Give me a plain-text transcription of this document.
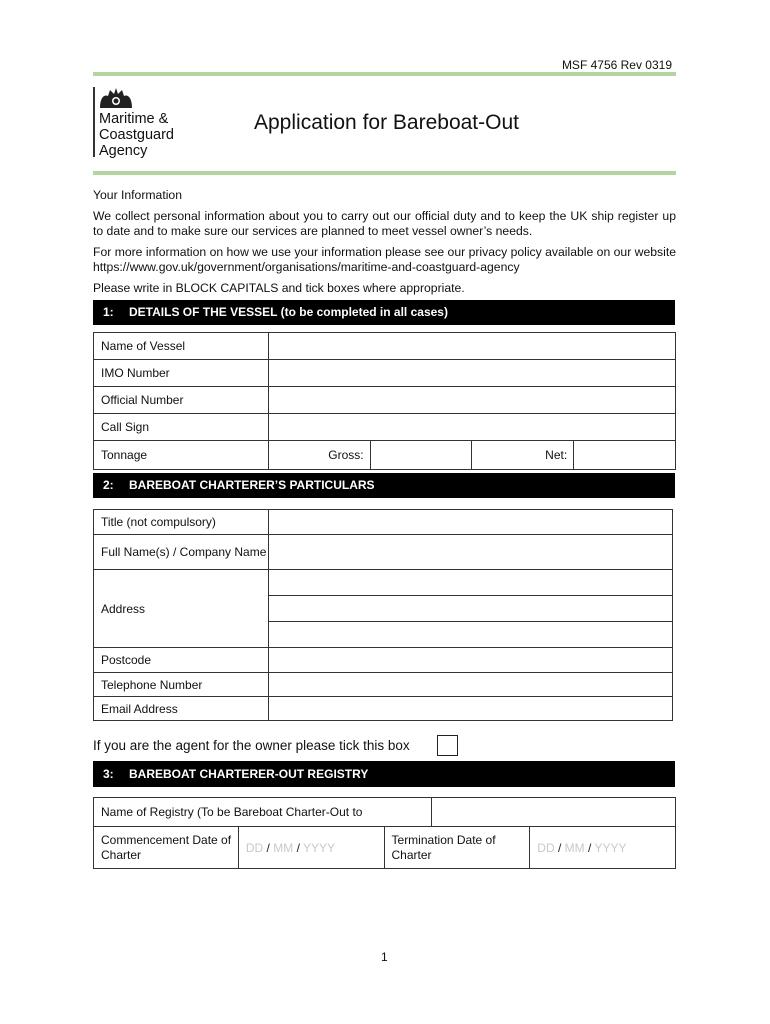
MSF 4756 Rev 0319
Maritime &
Coastguard
Agency
Application for Bareboat-Out
Your Information
We collect personal information about you to carry out our official duty and to keep the UK ship register up to date and to make sure our services are planned to meet vessel owner’s needs.
For more information on how we use your information please see our privacy policy available on our website https://www.gov.uk/government/organisations/maritime-and-coastguard-agency
Please write in BLOCK CAPITALS and tick boxes where appropriate.
1: DETAILS OF THE VESSEL (to be completed in all cases)
Name of Vessel				
IMO Number				
Official Number				
Call Sign				
Tonnage	Gross:		Net:	
2: BAREBOAT CHARTERER’S PARTICULARS
Title (not compulsory)	
Full Name(s) / Company Name	
Address	

Postcode	
Telephone Number	
Email Address	
If you are the agent for the owner please tick this box
3: BAREBOAT CHARTERER-OUT REGISTRY
Name of Registry (To be Bareboat Charter-Out to				
Commencement Date of Charter	DD / MM / YYYY	Termination Date of Charter		DD / MM / YYYY
1
